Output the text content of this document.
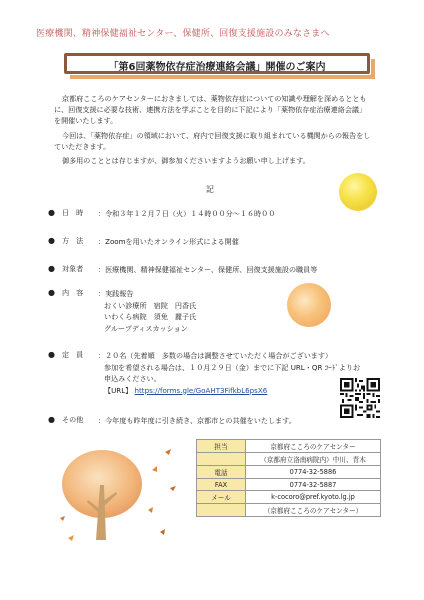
医療機関、精神保健福祉センター、保健所、回復支援施設のみなさまへ
「第6回薬物依存症治療連絡会議」開催のご案内

京都府こころのケアセンターにおきましては、薬物依存症についての知識や理解を深めるとともに、回復支援に必要な技術、連携方法を学ぶことを目的に下記により「薬物依存症治療連絡会議」を開催いたします。

今回は、「薬物依存症」の領域において、府内で回復支援に取り組まれている機関からの報告をしていただきます。

御多用のこととは存じますが、御参加くださいますようお願い申し上げます。

記
● 日　時	：令和３年１２月７日（火）１４時００分～１６時００
● 方　法	：Zoomを用いたオンライン形式による開催
● 対象者	：医療機関、精神保健福祉センター、保健所、回復支援施設の職員等
● 内　容	：実践報告
おくい診療所　宿院　円香氏
いわくら病院　須免　麗子氏
グループディスカッション
● 定　員	：２０名（先着順　多数の場合は調整させていただく場合がございます）
参加を希望される場合は、１０月２９日（金）までに下記 URL・QR ｺｰﾄﾞよりお
申込みください。
【URL】 https://forms.gle/GoAHT3FifkbL6psX6
● その他	：今年度も昨年度に引き続き、京都市との共催をいたします。
担当	京都府こころのケアセンター
	（京都府立洛南病院内）中川、青木
電話	0774-32-5886
FAX	0774-32-5887
メール	k-cocoro@pref.kyoto.lg.jp
	（京都府こころのケアセンター）
